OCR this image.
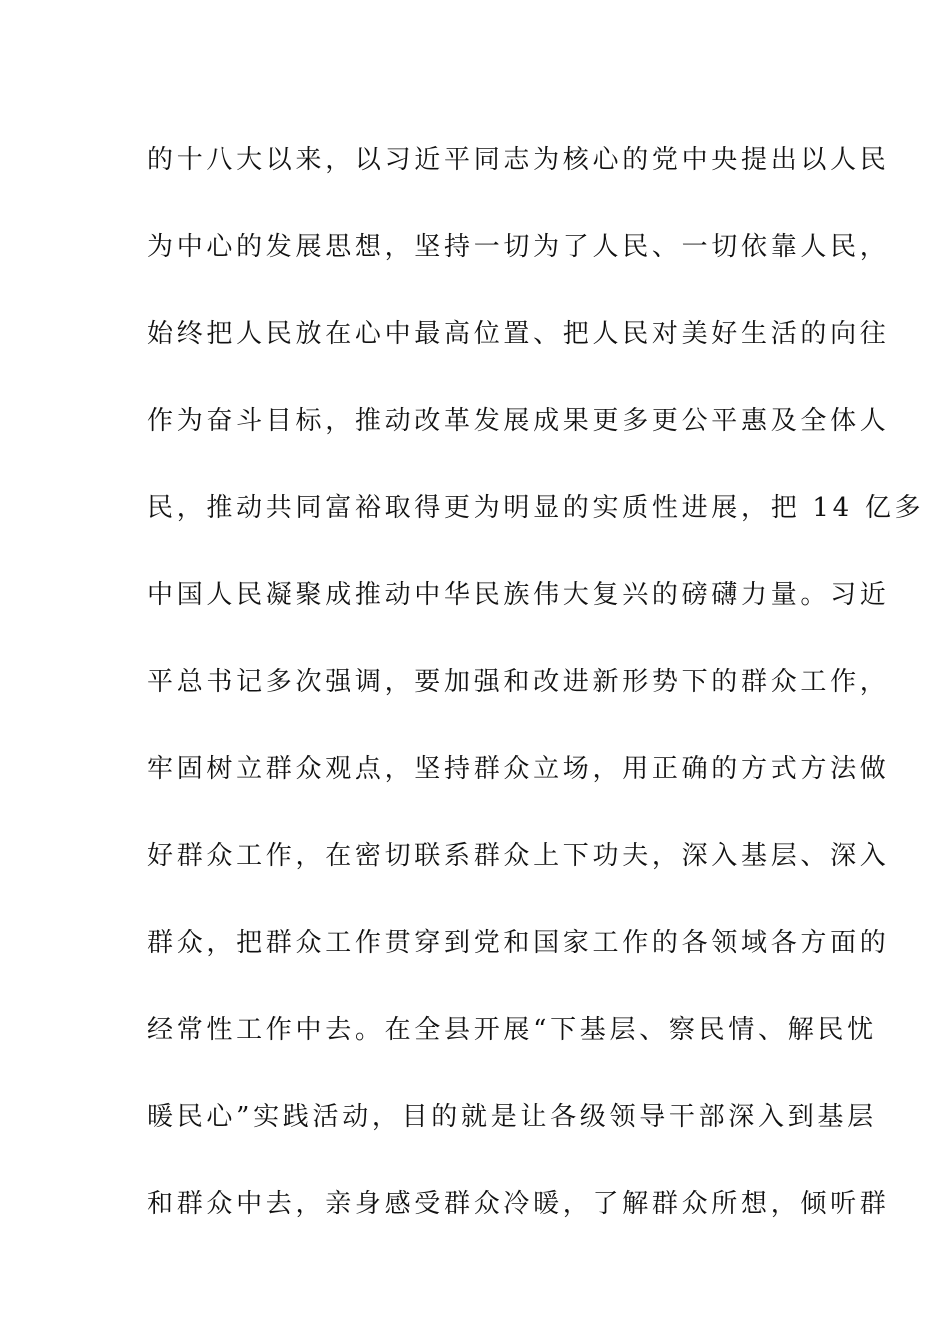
的十八大以来，以习近平同志为核心的党中央提出以人民
为中心的发展思想，坚持一切为了人民、一切依靠人民，
始终把人民放在心中最高位置、把人民对美好生活的向往
作为奋斗目标，推动改革发展成果更多更公平惠及全体人
民，推动共同富裕取得更为明显的实质性进展，把 14 亿多
中国人民凝聚成推动中华民族伟大复兴的磅礴力量。习近
平总书记多次强调，要加强和改进新形势下的群众工作，
牢固树立群众观点，坚持群众立场，用正确的方式方法做
好群众工作，在密切联系群众上下功夫，深入基层、深入
群众，把群众工作贯穿到党和国家工作的各领域各方面的
经常性工作中去。在全县开展“下基层、察民情、解民忧
暖民心”实践活动，目的就是让各级领导干部深入到基层
和群众中去，亲身感受群众冷暖，了解群众所想，倾听群
